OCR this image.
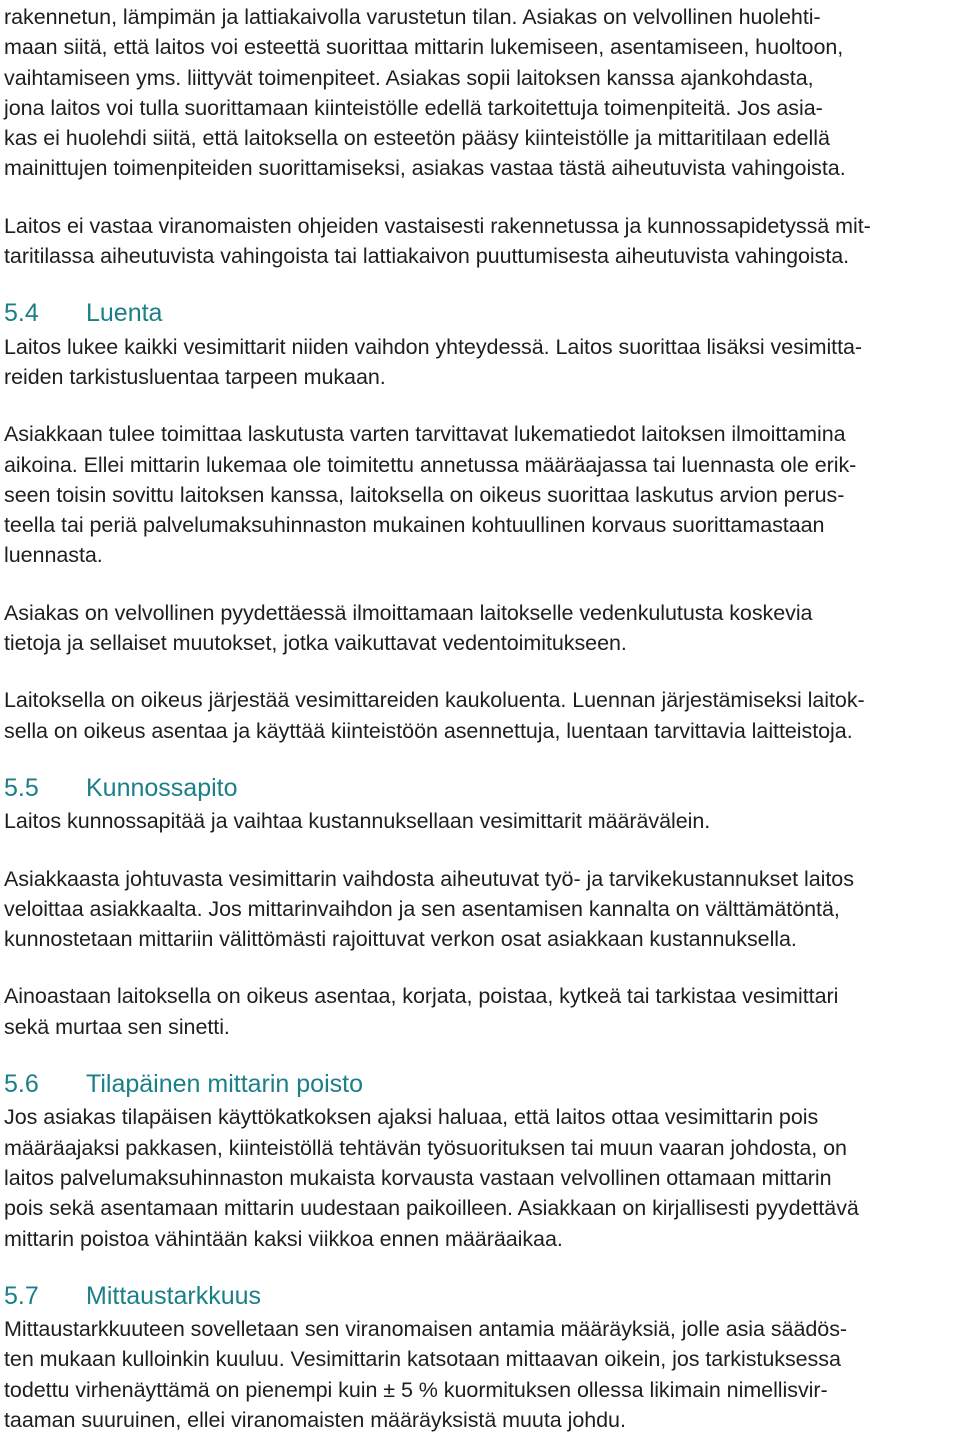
rakennetun, lämpimän ja lattiakaivolla varustetun tilan. Asiakas on velvollinen huolehti-
maan siitä, että laitos voi esteettä suorittaa mittarin lukemiseen, asentamiseen, huoltoon,
vaihtamiseen yms. liittyvät toimenpiteet. Asiakas sopii laitoksen kanssa ajankohdasta,
jona laitos voi tulla suorittamaan kiinteistölle edellä tarkoitettuja toimenpiteitä. Jos asia-
kas ei huolehdi siitä, että laitoksella on esteetön pääsy kiinteistölle ja mittaritilaan edellä
mainittujen toimenpiteiden suorittamiseksi, asiakas vastaa tästä aiheutuvista vahingoista.
Laitos ei vastaa viranomaisten ohjeiden vastaisesti rakennetussa ja kunnossapidetyssä mit-
taritilassa aiheutuvista vahingoista tai lattiakaivon puuttumisesta aiheutuvista vahingoista.
5.4	Luenta
Laitos lukee kaikki vesimittarit niiden vaihdon yhteydessä. Laitos suorittaa lisäksi vesimitta-
reiden tarkistusluentaa tarpeen mukaan.
Asiakkaan tulee toimittaa laskutusta varten tarvittavat lukematiedot laitoksen ilmoittamina
aikoina. Ellei mittarin lukemaa ole toimitettu annetussa määräajassa tai luennasta ole erik-
seen toisin sovittu laitoksen kanssa, laitoksella on oikeus suorittaa laskutus arvion perus-
teella tai periä palvelumaksuhinnaston mukainen kohtuullinen korvaus suorittamastaan
luennasta.
Asiakas on velvollinen pyydettäessä ilmoittamaan laitokselle vedenkulutusta koskevia
tietoja ja sellaiset muutokset, jotka vaikuttavat vedentoimitukseen.
Laitoksella on oikeus järjestää vesimittareiden kaukoluenta. Luennan järjestämiseksi laitok-
sella on oikeus asentaa ja käyttää kiinteistöön asennettuja, luentaan tarvittavia laitteistoja.
5.5	Kunnossapito
Laitos kunnossapitää ja vaihtaa kustannuksellaan vesimittarit määrävälein.
Asiakkaasta johtuvasta vesimittarin vaihdosta aiheutuvat työ- ja tarvikekustannukset laitos
veloittaa asiakkaalta. Jos mittarinvaihdon ja sen asentamisen kannalta on välttämätöntä,
kunnostetaan mittariin välittömästi rajoittuvat verkon osat asiakkaan kustannuksella.
Ainoastaan laitoksella on oikeus asentaa, korjata, poistaa, kytkeä tai tarkistaa vesimittari
sekä murtaa sen sinetti.
5.6	Tilapäinen mittarin poisto
Jos asiakas tilapäisen käyttökatkoksen ajaksi haluaa, että laitos ottaa vesimittarin pois
määräajaksi pakkasen, kiinteistöllä tehtävän työsuorituksen tai muun vaaran johdosta, on
laitos palvelumaksuhinnaston mukaista korvausta vastaan velvollinen ottamaan mittarin
pois sekä asentamaan mittarin uudestaan paikoilleen. Asiakkaan on kirjallisesti pyydettävä
mittarin poistoa vähintään kaksi viikkoa ennen määräaikaa.
5.7	Mittaustarkkuus
Mittaustarkkuuteen sovelletaan sen viranomaisen antamia määräyksiä, jolle asia säädös-
ten mukaan kulloinkin kuuluu. Vesimittarin katsotaan mittaavan oikein, jos tarkistuksessa
todettu virhenäyttämä on pienempi kuin ± 5 % kuormituksen ollessa likimain nimellisvir-
taaman suuruinen, ellei viranomaisten määräyksistä muuta johdu.
